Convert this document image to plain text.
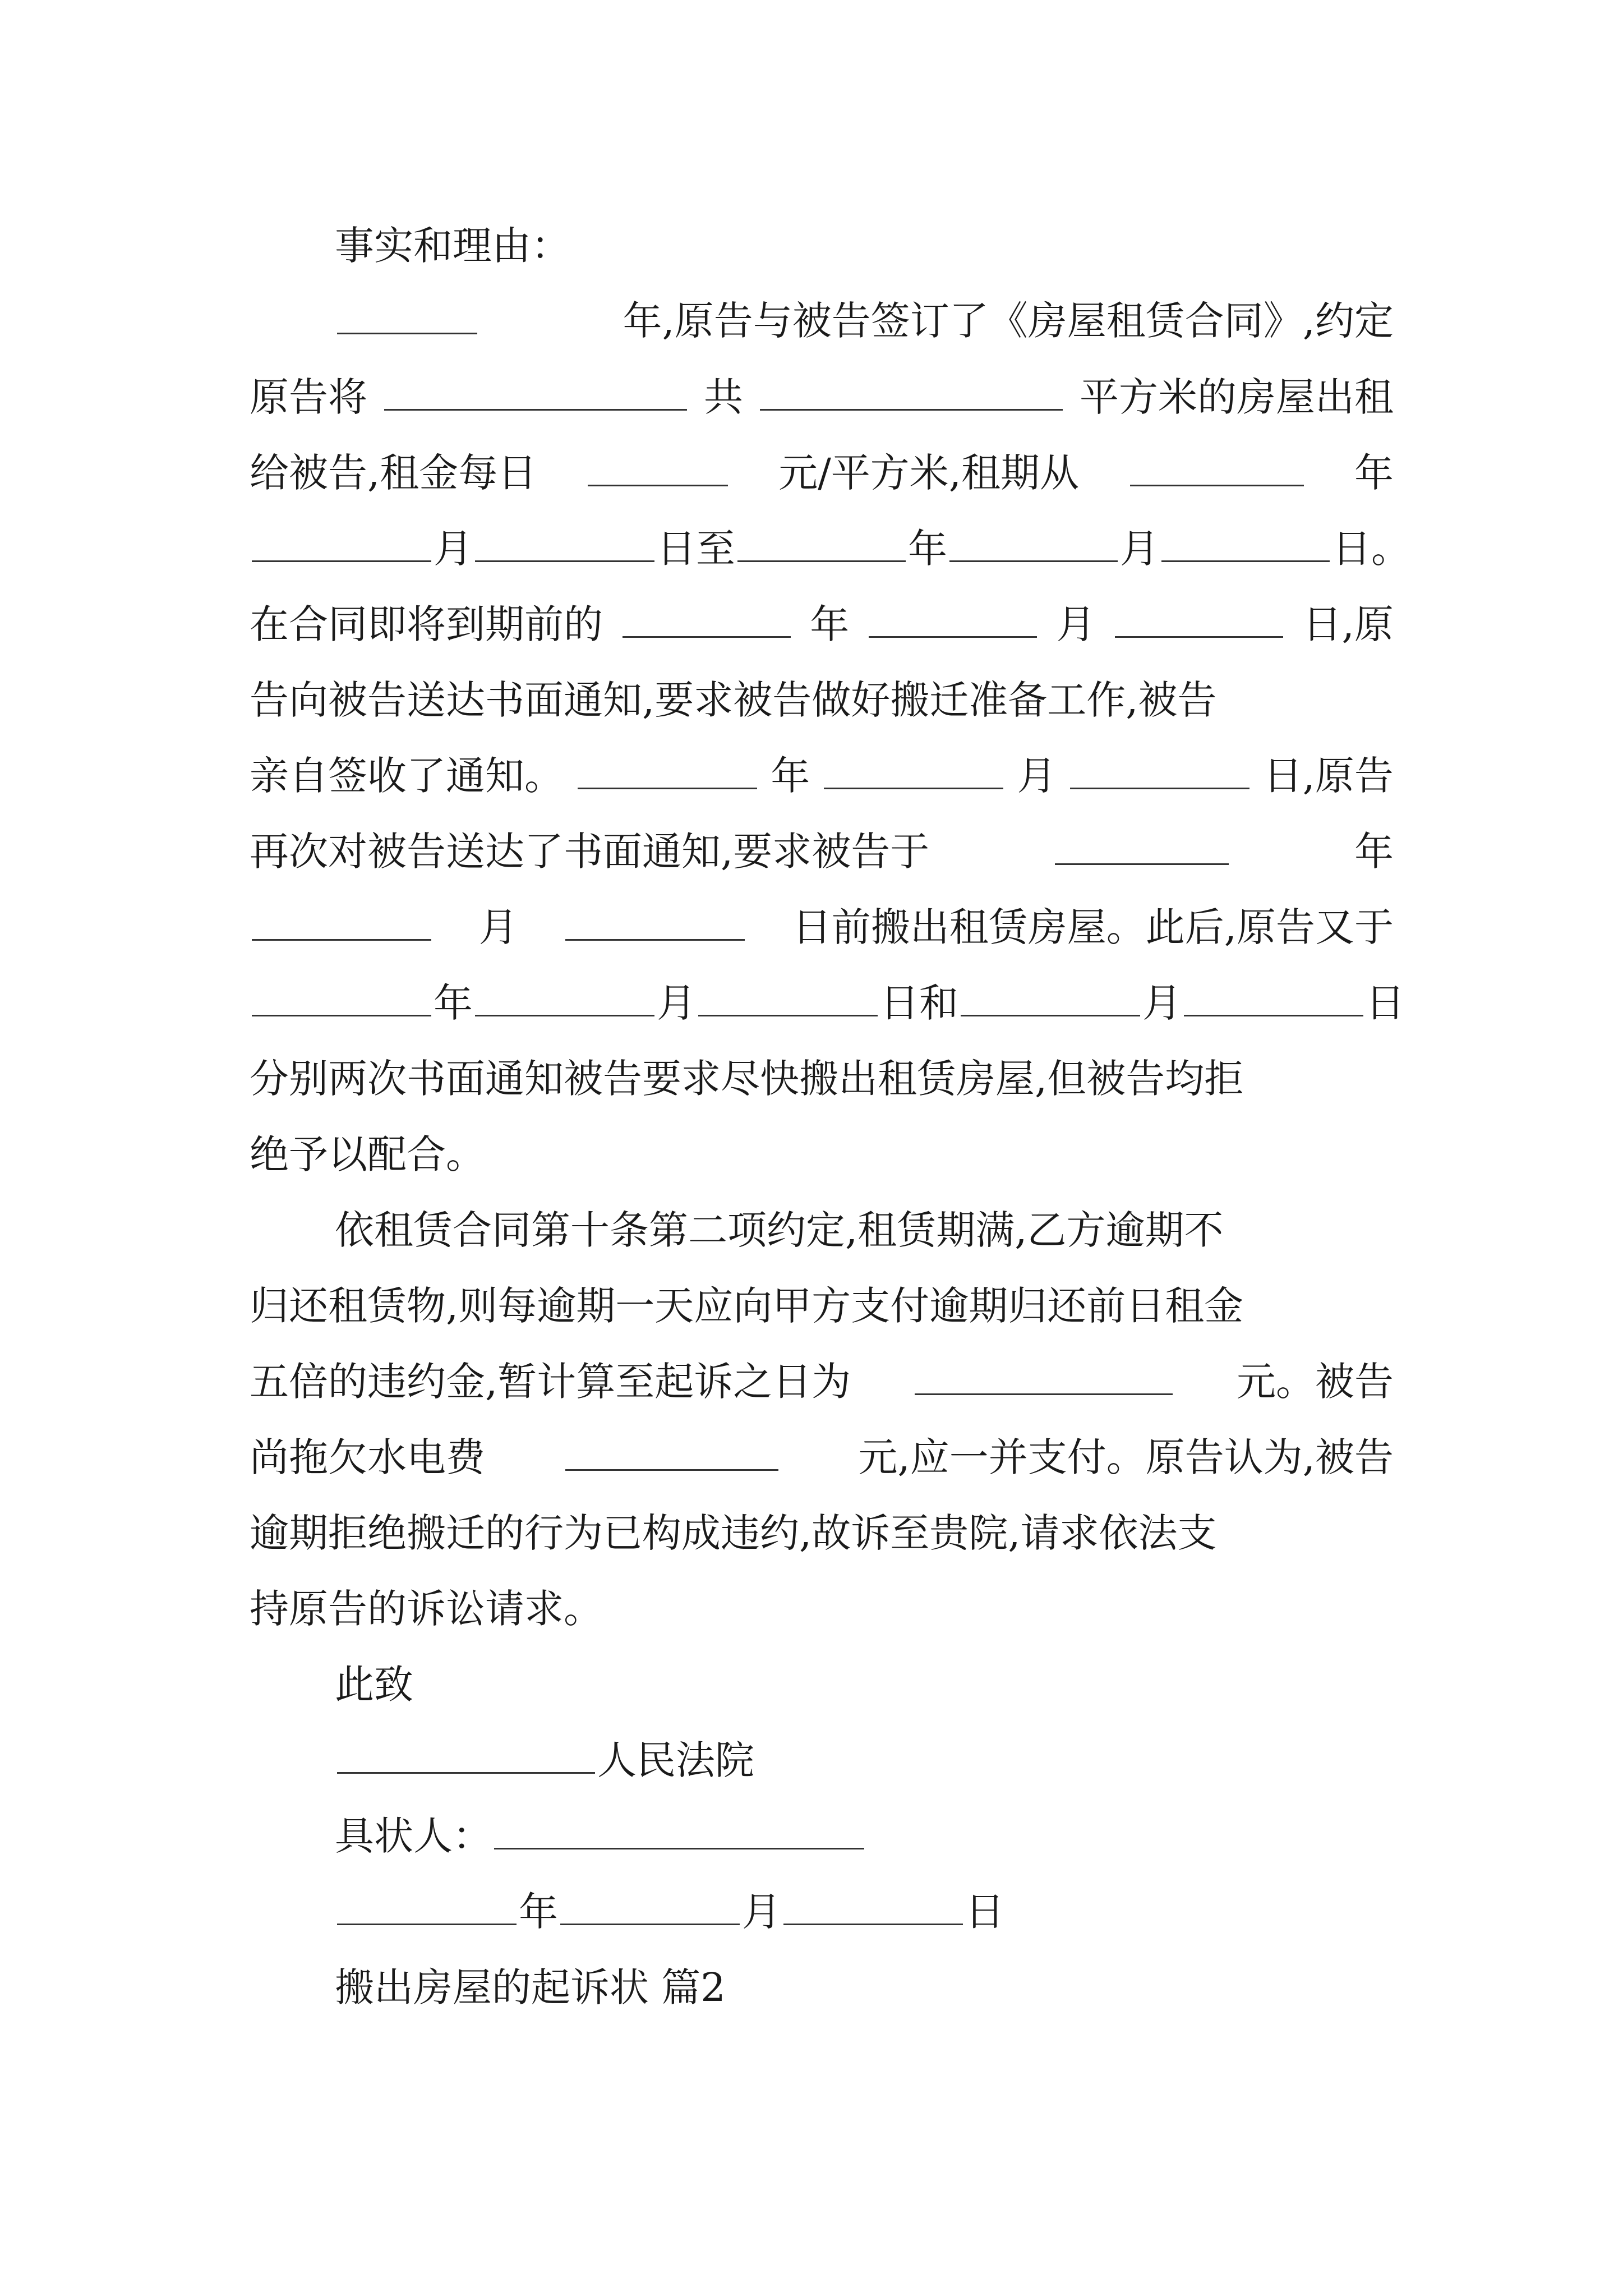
事实和理由：
年,原告与被告签订了《房屋租赁合同》,约定
原告将	共	平方米的房屋出租
给被告,租金每日	元/平方米,租期从	年
月	日至	年	月	日。
在合同即将到期前的	年	月	日,原
告向被告送达书面通知,要求被告做好搬迁准备工作,被告
亲自签收了通知。	年	月	日,原告
再次对被告送达了书面通知,要求被告于	年
月	日前搬出租赁房屋。此后,原告又于
年	月	日和	月	日
分别两次书面通知被告要求尽快搬出租赁房屋,但被告均拒
绝予以配合。
依租赁合同第十条第二项约定,租赁期满,乙方逾期不
归还租赁物,则每逾期一天应向甲方支付逾期归还前日租金
五倍的违约金,暂计算至起诉之日为	元。被告
尚拖欠水电费	元,应一并支付。原告认为,被告
逾期拒绝搬迁的行为已构成违约,故诉至贵院,请求依法支
持原告的诉讼请求。
此致
人民法院
具状人：
年	月	日
搬出房屋的起诉状 篇2
